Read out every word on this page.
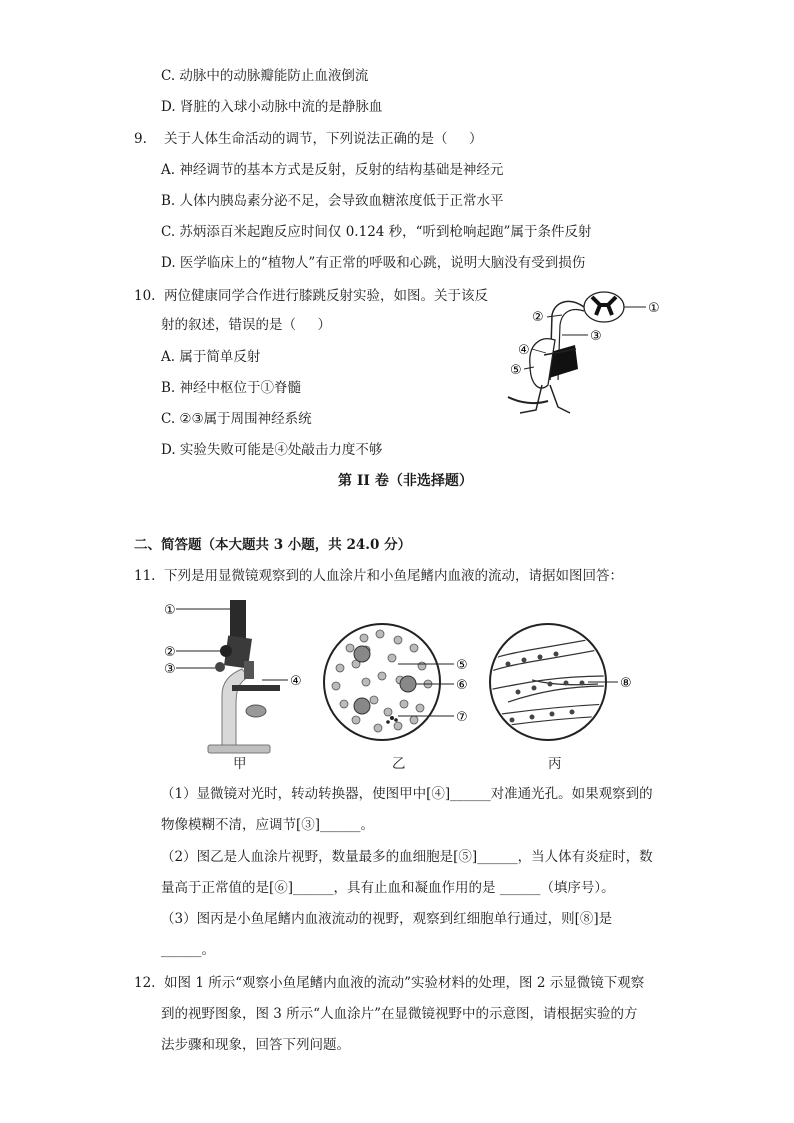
C. 动脉中的动脉瓣能防止血液倒流
D. 肾脏的入球小动脉中流的是静脉血
9.    关于人体生命活动的调节，下列说法正确的是（     ）
A. 神经调节的基本方式是反射，反射的结构基础是神经元
B. 人体内胰岛素分泌不足，会导致血糖浓度低于正常水平
C. 苏炳添百米起跑反应时间仅 0.124 秒，“听到枪响起跑”属于条件反射
D. 医学临床上的“植物人”有正常的呼吸和心跳，说明大脑没有受到损伤
10.  两位健康同学合作进行膝跳反射实验，如图。关于该反
射的叙述，错误的是（     ）
A. 属于简单反射
B. 神经中枢位于①脊髓
C. ②③属于周围神经系统
D. 实验失败可能是④处敲击力度不够
①
②
③
④
⑤
第 II 卷（非选择题）
二、简答题（本大题共 3 小题，共 24.0 分）
11.  下列是用显微镜观察到的人血涂片和小鱼尾鳍内血液的流动，请据如图回答：
①
②
③
④
⑤
⑥
⑦
⑧
甲	乙	丙
（1）显微镜对光时，转动转换器，使图甲中[④]______对准通光孔。如果观察到的
物像模糊不清，应调节[③]______。
（2）图乙是人血涂片视野，数量最多的血细胞是[⑤]______，当人体有炎症时，数
量高于正常值的是[⑥]______，具有止血和凝血作用的是 ______（填序号）。
（3）图丙是小鱼尾鳍内血液流动的视野，观察到红细胞单行通过，则[⑧]是
______。
12.  如图 1 所示“观察小鱼尾鳍内血液的流动”实验材料的处理，图 2 示显微镜下观察
到的视野图象，图 3 所示“人血涂片”在显微镜视野中的示意图，请根据实验的方
法步骤和现象，回答下列问题。
